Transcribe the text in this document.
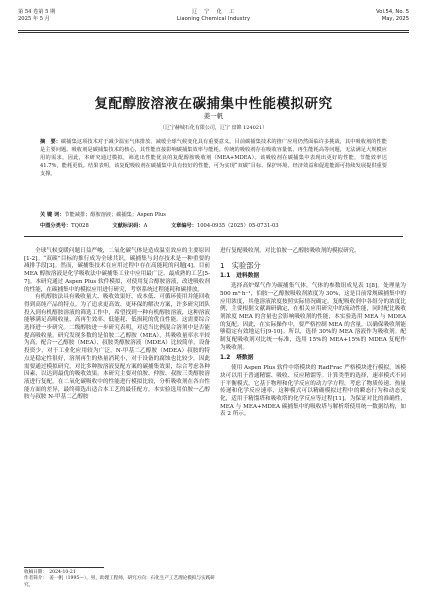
第 54 卷第 5 期
2025 年 5 月
辽　宁　化　工
Liaoning Chemical Industry
Vol.54, No. 5
May, 2025
复配醇胺溶液在碳捕集中性能模拟研究
姜一帆
（辽宁赫城石化有限公司，辽宁 盘锦 124021）
摘　要：碳捕集这项技术对于减少温室气体排放、减缓全球气候变化具有重要意义。目前碳捕集技术的推广应用仍然面临许多挑战，其中吸收剂的性能是主要问题。吸收剂是碳捕集技术的核心，其性能直接影响碳捕集效率与能耗。传统的吸收剂存在吸收容量低、再生能耗高等问题，无法满足大规模应用的需求。因此，本研究通过模拟，筛选出性能优良的复配醇胺吸收剂（MEA+MDEA）。该吸收剂在碳捕集中表现出更好的性能，节能效率达 41.7%，能耗更低。结果表明，该复配吸收剂在碳捕集中具有较好的性能，可为实现“双碳”目标、保护环境、经济效益和促进能源可持续发展提供重要支撑。
关 键 词：节能减排；醇胺溶液；碳捕集；Aspen Plus
中图分类号：TQ028	文献标识码：A	文章编号：1004-0935（2025）05-0731-03

全球气候变暖问题日益严峻，二氧化碳气体是造成温室效应的主要原因[1-2]。“双碳”目标的推行成为全球共识，碳捕集与封存技术是一种重要的减排手段[3]。然而，碳捕集技术在应用过程中存在高能耗的问题[4]。目前 MEA 醇胺溶液是化学吸收法中碳捕集工业中应用最广泛、最成熟的工艺[5-7]。本研究通过 Aspen Plus 软件模拟，对使用复合醇胺溶液，改进吸收剂的性能，在碳捕集中的模拟应用进行研究，考察系统过程能耗和碳排放。

有机醇胺法具有吸收量大、吸收效果好、成本低、可循环使用并能回收得到高纯产品的特点。为了追求更高效、更环保的解决方案，许多研究团队投入到有机醇胺溶液的筛选工作中，希望找到一种有机醇胺溶液，这种溶液能够满足高吸收量、高再生效率、低能耗、低损耗的优良性能。这需要综合选择进一步研究。二级醇胺进一步研究表明，对适当比例混合溶剂中是否能提高吸收量。研究发现多数的是伯胺二乙醇胺（MEA），其吸收量率水平较为高，配合一乙醇胺（MEA）、叔胺类醇胺溶液（MDEA）比较简单，设备投资少，对于工业化应用较为广泛。N-甲基二乙醇胺（MDEA）叔胺的特点是稳定性很好，溶剂再生的热量消耗小，对于设备的腐蚀也比较少。因此需要通过模拟研究，对比多种胺溶液复配方案的碳捕集效果，综合考虑各种因素，以达到最优的吸收效果。本研究主要对伯胺、仲胺、叔胺三类醇胺溶液进行复配，在二氧化碳吸收中的性能进行模拟比较，分析吸收剂在各自性能方面的差异，最终筛选出适合本工艺的最佳配方。本实验选用伯胺一乙醇胺与叔胺 N-甲基二乙醇胺

进行复配吸收剂，对比伯胺一乙醇胺吸收剂的模拟研究。

1　实验部分
1.1　进料数据

选择高炉煤气作为碳捕集气体，气体的参数组成见表 1[8]。处理量为 500 m³·h⁻¹，伯胺一乙醇胺吸收剂浓度为 30%，这是目前常规碳捕集中的应用浓度，其他溶液浓度按照实际情况确定。复配吸收剂中各组分的浓度比例，主要根据文献调研确定，在相关应用研究中的流动性能，同时配比吸收剂浓度 MEA 的含量也会影响吸收剂的性能，本实验选用 MEA 与 MDEA 的复配。因此，在实际操作中，要严格控制 MEA 的含量，以确保吸收剂能够稳定有效地运行[9-10]。所以，选择 30%的 MEA 溶液作为吸收剂。配制复配吸收剂对比统一标准，选用 15%的 MEA+15%的 MDEA 复配作为吸收剂。

1.2　塔数据

使用 Aspen Plus 软件中塔模块的 RadFrac 严格模块进行模拟，该模块可以用于普通精馏、吸收、反应精馏等。计算类型的选择，速率模式不同于平衡模式，它基于物理和化学反应的动力学方程，考虑了物质传递、热量传递和化学反应速率，这种模式可以精确模拟过程中的瞬态行为和动态变化，适用于精馏塔和吸收塔的化学反应等过程[11]。为保证对比的准确性，MEA 与 MEA+MDEA 碳捕集中的吸收塔与解析塔使用统一数据结构，如表 2 所示。

收稿日期：　2024-10-21
作者简介：　姜一帆（1995—），男，助理工程师，研究方向：石化生产工艺理论模拟与实践研究。
